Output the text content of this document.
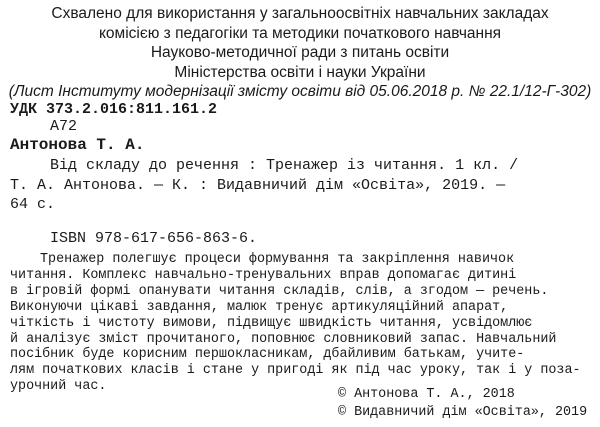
Схвалено для використання у загальноосвітніх навчальних закладах
комісією з педагогіки та методики початкового навчання
Науково-методичної ради з питань освіти
Міністерства освіти і науки України
(Лист Інституту модернізації змісту освіти від 05.06.2018 р. № 22.1/12-Г-302)
УДК 373.2.016:811.161.2
А72
Антонова Т. А.
Від складу до речення : Тренажер із читання. 1 кл. /
Т. А. Антонова. — К. : Видавничий дім «Освіта», 2019. —
64 с.
ISBN 978-617-656-863-6.
Тренажер полегшує процеси формування та закріплення навичок
читання. Комплекс навчально-тренувальних вправ допомагає дитині
в ігровій формі опанувати читання складів, слів, а згодом — речень.
Виконуючи цікаві завдання, малюк тренує артикуляційний апарат,
чіткість і чистоту вимови, підвищує швидкість читання, усвідомлює
й аналізує зміст прочитаного, поповнює словниковий запас. Навчальний
посібник буде корисним першокласникам, дбайливим батькам, учите-
лям початкових класів і стане у пригоді як під час уроку, так і у поза-
урочний час.
© Антонова Т. А., 2018
© Видавничий дім «Освіта», 2019
